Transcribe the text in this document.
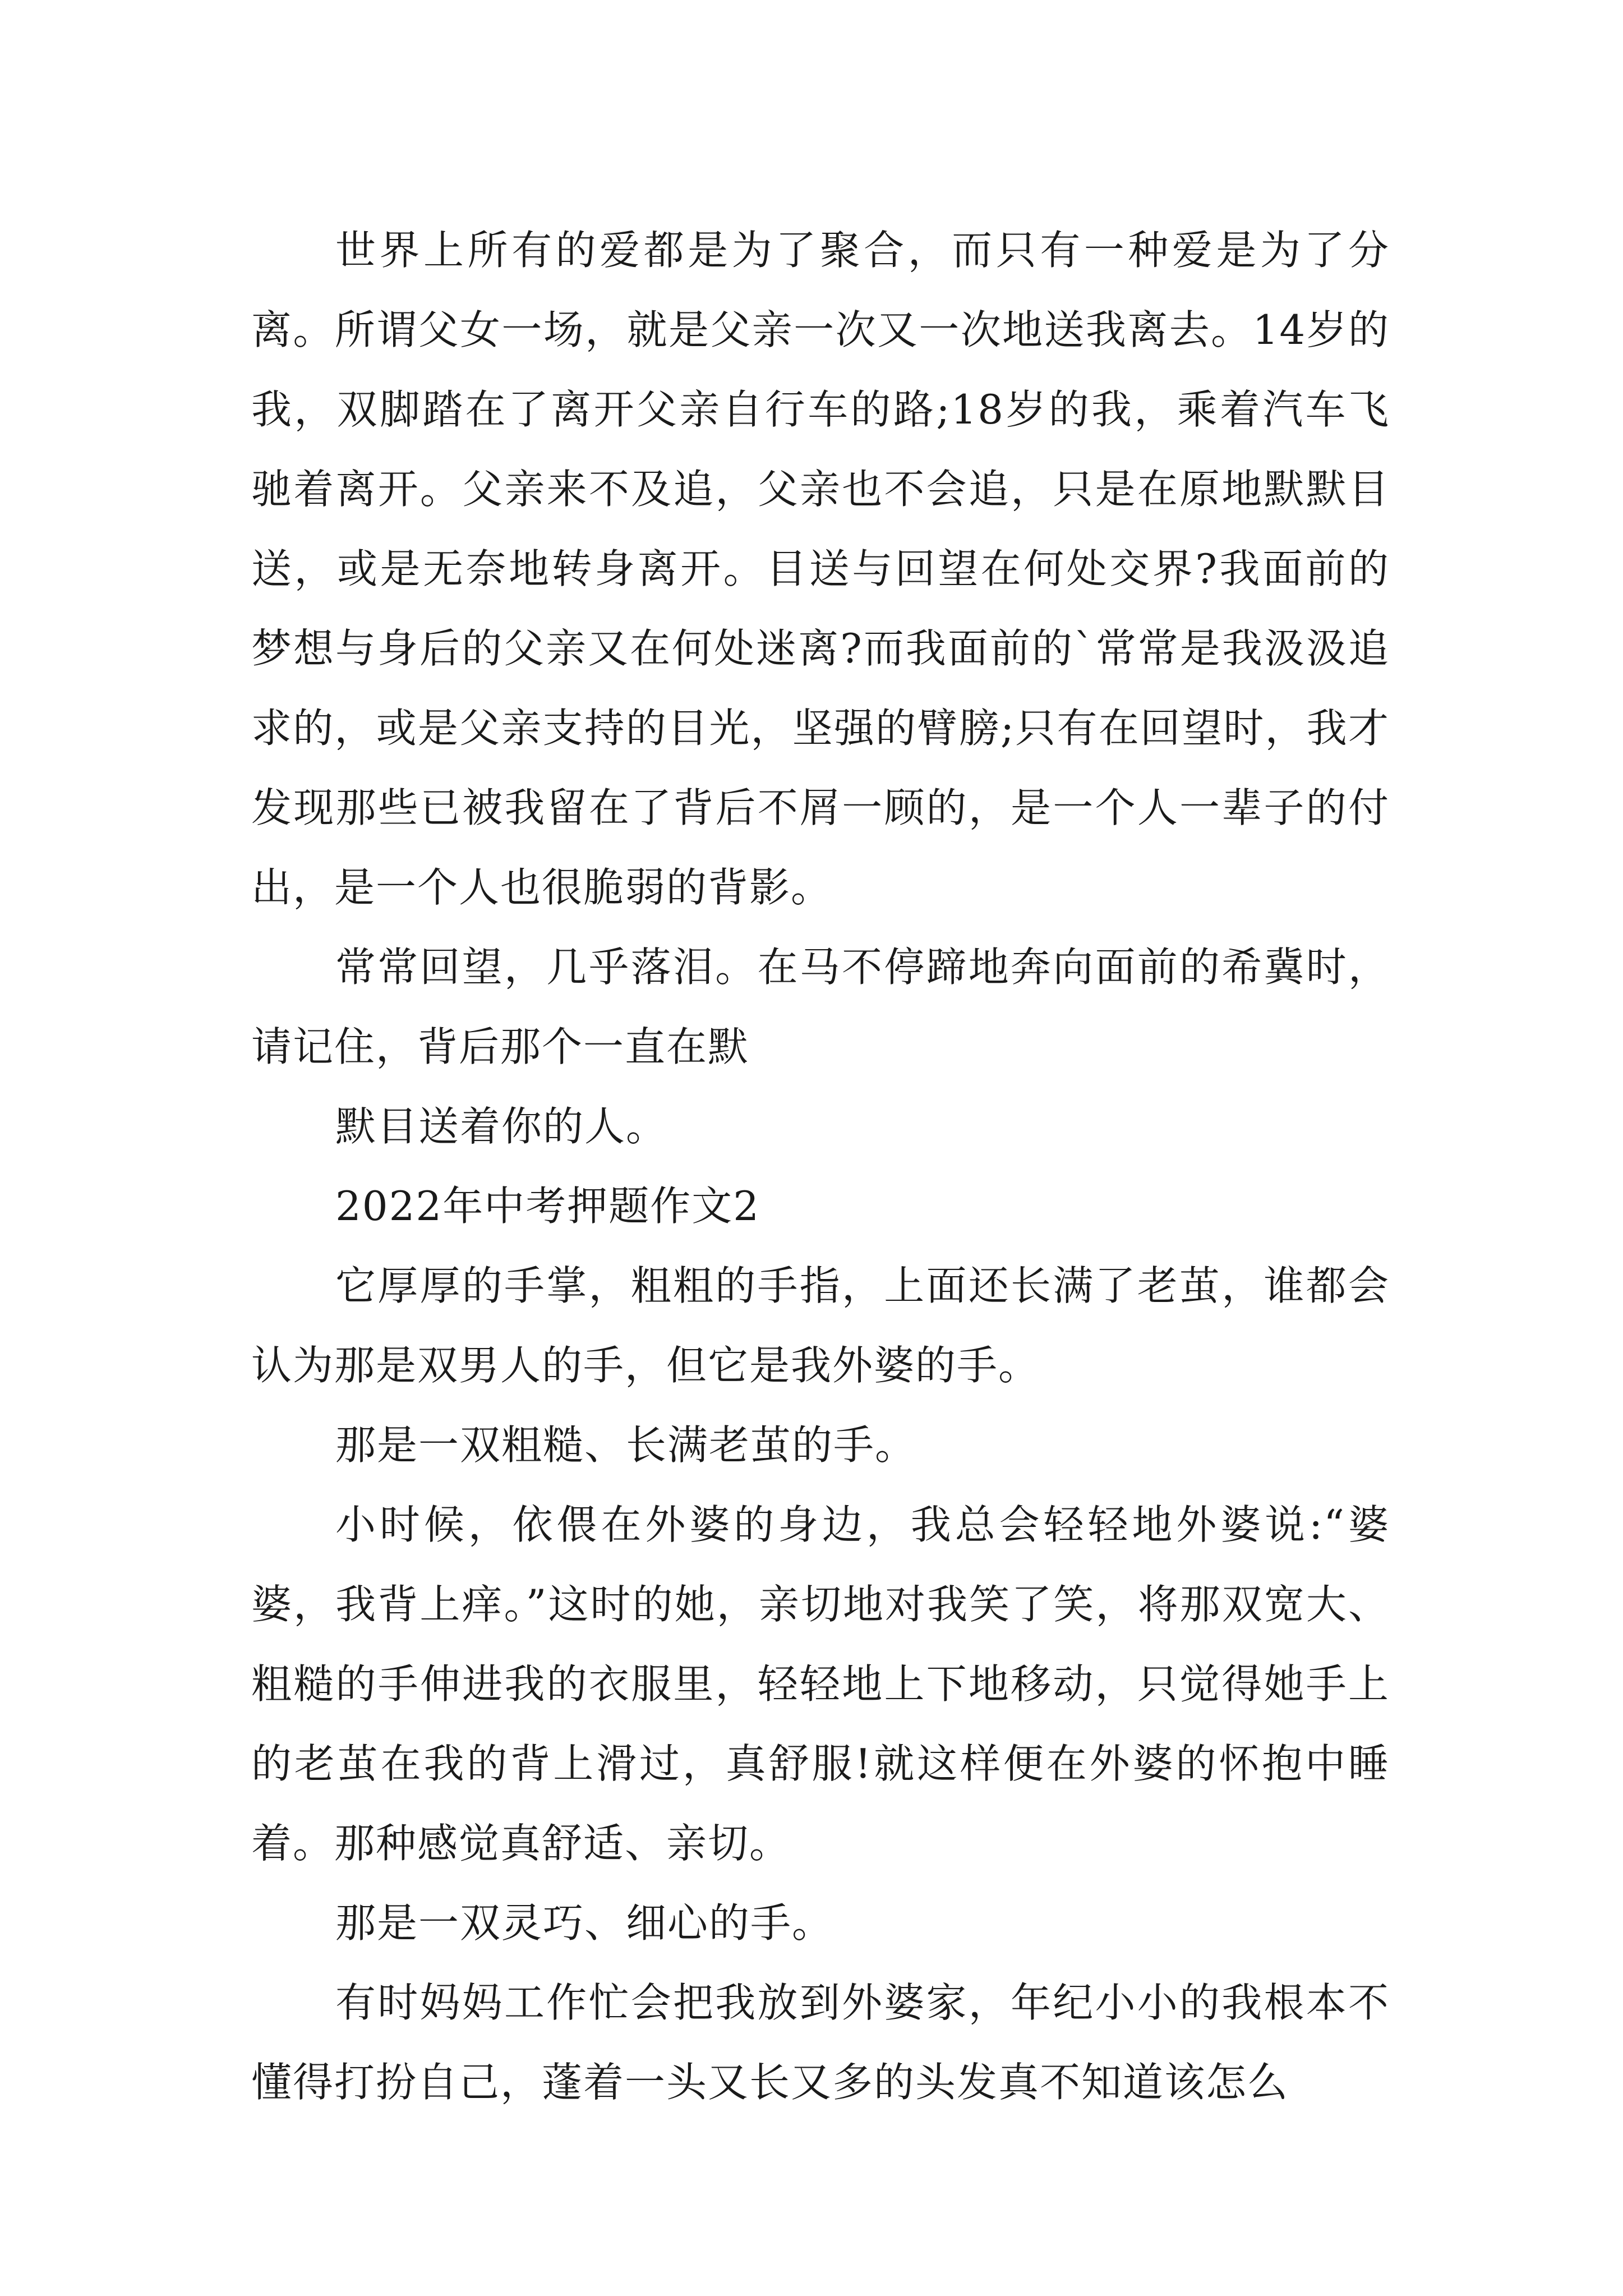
世界上所有的爱都是为了聚合，而只有一种爱是为了分离。所谓父女一场，就是父亲一次又一次地送我离去。14岁的我，双脚踏在了离开父亲自行车的路;18岁的我，乘着汽车飞驰着离开。父亲来不及追，父亲也不会追，只是在原地默默目送，或是无奈地转身离开。目送与回望在何处交界?我面前的梦想与身后的父亲又在何处迷离?而我面前的`常常是我汲汲追求的，或是父亲支持的目光，坚强的臂膀;只有在回望时，我才发现那些已被我留在了背后不屑一顾的，是一个人一辈子的付出，是一个人也很脆弱的背影。

常常回望，几乎落泪。在马不停蹄地奔向面前的希冀时，请记住，背后那个一直在默

默目送着你的人。

2022年中考押题作文2

它厚厚的手掌，粗粗的手指，上面还长满了老茧，谁都会认为那是双男人的手，但它是我外婆的手。

那是一双粗糙、长满老茧的手。

小时候，依偎在外婆的身边，我总会轻轻地外婆说:“婆婆，我背上痒。”这时的她，亲切地对我笑了笑，将那双宽大、粗糙的手伸进我的衣服里，轻轻地上下地移动，只觉得她手上的老茧在我的背上滑过，真舒服!就这样便在外婆的怀抱中睡着。那种感觉真舒适、亲切。

那是一双灵巧、细心的手。

有时妈妈工作忙会把我放到外婆家，年纪小小的我根本不懂得打扮自己，蓬着一头又长又多的头发真不知道该怎么
